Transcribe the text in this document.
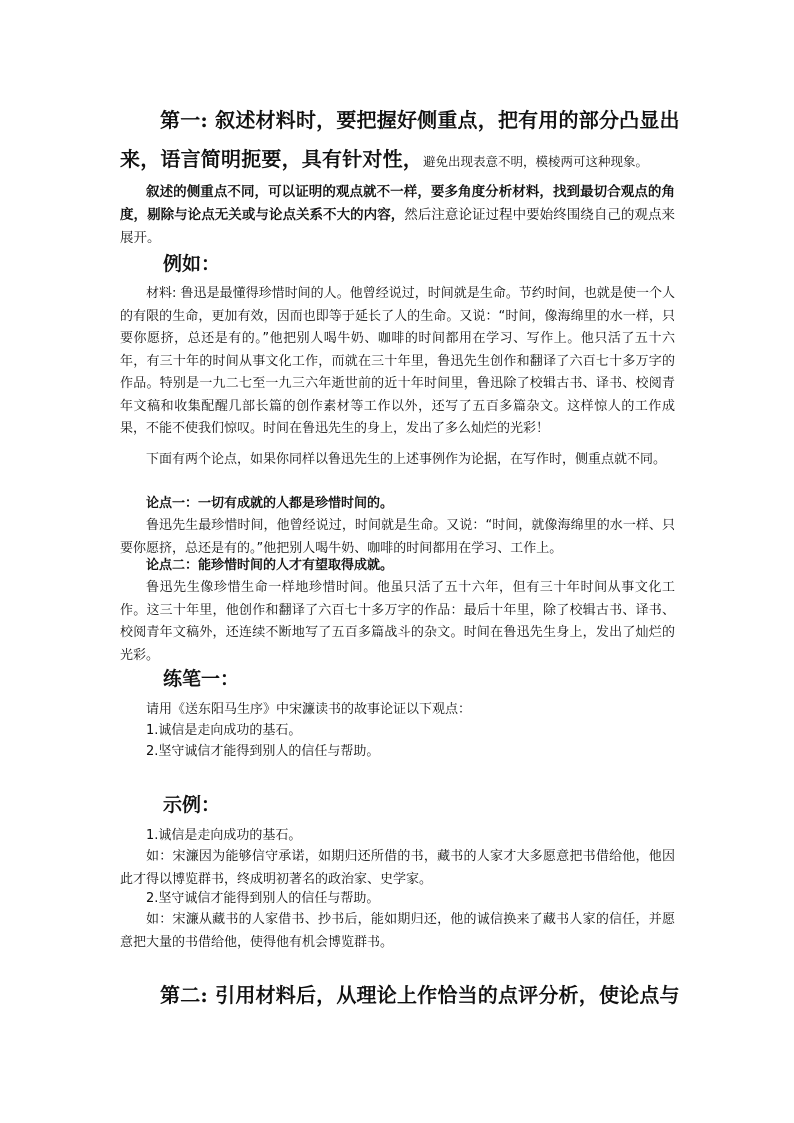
第一: 叙述材料时，要把握好侧重点，把有用的部分凸显出
来，语言简明扼要，具有针对性，避免出现表意不明，模棱两可这种现象。
叙述的侧重点不同，可以证明的观点就不一样，要多角度分析材料，找到最切合观点的角度，剔除与论点无关或与论点关系不大的内容，然后注意论证过程中要始终围绕自己的观点来展开。
例如：
材料: 鲁迅是最懂得珍惜时间的人。他曾经说过，时间就是生命。节约时间，也就是使一个人的有限的生命，更加有效，因而也即等于延长了人的生命。又说：“时间，像海绵里的水一样，只要你愿挤，总还是有的。”他把别人喝牛奶、咖啡的时间都用在学习、写作上。他只活了五十六年，有三十年的时间从事文化工作，而就在三十年里，鲁迅先生创作和翻译了六百七十多万字的作品。特别是一九二七至一九三六年逝世前的近十年时间里，鲁迅除了校辑古书、译书、校阅青年文稿和收集配醒几部长篇的创作素材等工作以外，还写了五百多篇杂文。这样惊人的工作成果，不能不使我们惊叹。时间在鲁迅先生的身上，发出了多么灿烂的光彩！
下面有两个论点，如果你同样以鲁迅先生的上述事例作为论据，在写作时，侧重点就不同。
论点一：一切有成就的人都是珍惜时间的。
鲁迅先生最珍惜时间，他曾经说过，时间就是生命。又说：“时间，就像海绵里的水一样、只要你愿挤，总还是有的。”他把别人喝牛奶、咖啡的时间都用在学习、工作上。
论点二：能珍惜时间的人才有望取得成就。
鲁迅先生像珍惜生命一样地珍惜时间。他虽只活了五十六年，但有三十年时间从事文化工作。这三十年里，他创作和翻译了六百七十多万字的作品：最后十年里，除了校辑古书、译书、校阅青年文稿外，还连续不断地写了五百多篇战斗的杂文。时间在鲁迅先生身上，发出了灿烂的光彩。
练笔一：
请用《送东阳马生序》中宋濂读书的故事论证以下观点：
1.诚信是走向成功的基石。
2.坚守诚信才能得到别人的信任与帮助。
示例：
1.诚信是走向成功的基石。
如：宋濂因为能够信守承诺，如期归还所借的书，藏书的人家才大多愿意把书借给他，他因此才得以博览群书，终成明初著名的政治家、史学家。
2.坚守诚信才能得到别人的信任与帮助。
如：宋濂从藏书的人家借书、抄书后，能如期归还，他的诚信换来了藏书人家的信任，并愿意把大量的书借给他，使得他有机会博览群书。
第二: 引用材料后，从理论上作恰当的点评分析，使论点与
